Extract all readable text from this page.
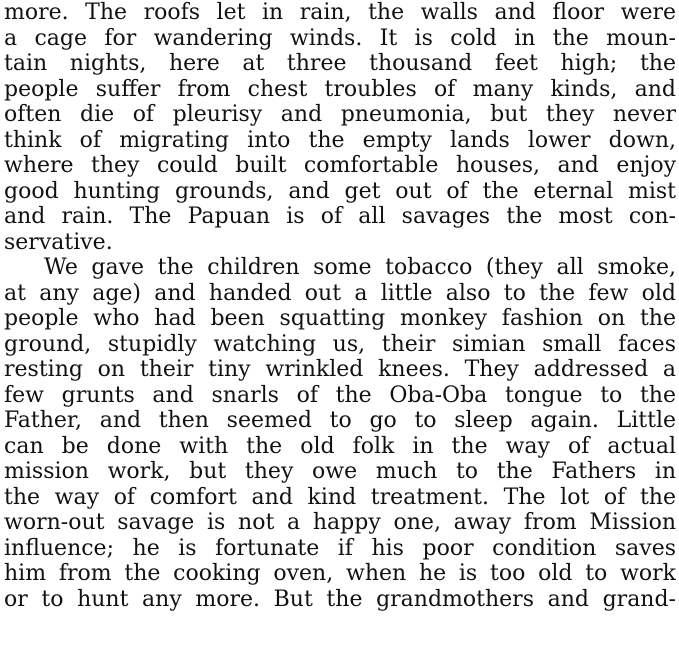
more. The roofs let in rain, the walls and floor were
a cage for wandering winds. It is cold in the moun-
tain nights, here at three thousand feet high; the
people suffer from chest troubles of many kinds, and
often die of pleurisy and pneumonia, but they never
think of migrating into the empty lands lower down,
where they could built comfortable houses, and enjoy
good hunting grounds, and get out of the eternal mist
and rain. The Papuan is of all savages the most con-
servative.
We gave the children some tobacco (they all smoke,
at any age) and handed out a little also to the few old
people who had been squatting monkey fashion on the
ground, stupidly watching us, their simian small faces
resting on their tiny wrinkled knees. They addressed a
few grunts and snarls of the Oba-Oba tongue to the
Father, and then seemed to go to sleep again. Little
can be done with the old folk in the way of actual
mission work, but they owe much to the Fathers in
the way of comfort and kind treatment. The lot of the
worn-out savage is not a happy one, away from Mission
influence; he is fortunate if his poor condition saves
him from the cooking oven, when he is too old to work
or to hunt any more. But the grandmothers and grand-
